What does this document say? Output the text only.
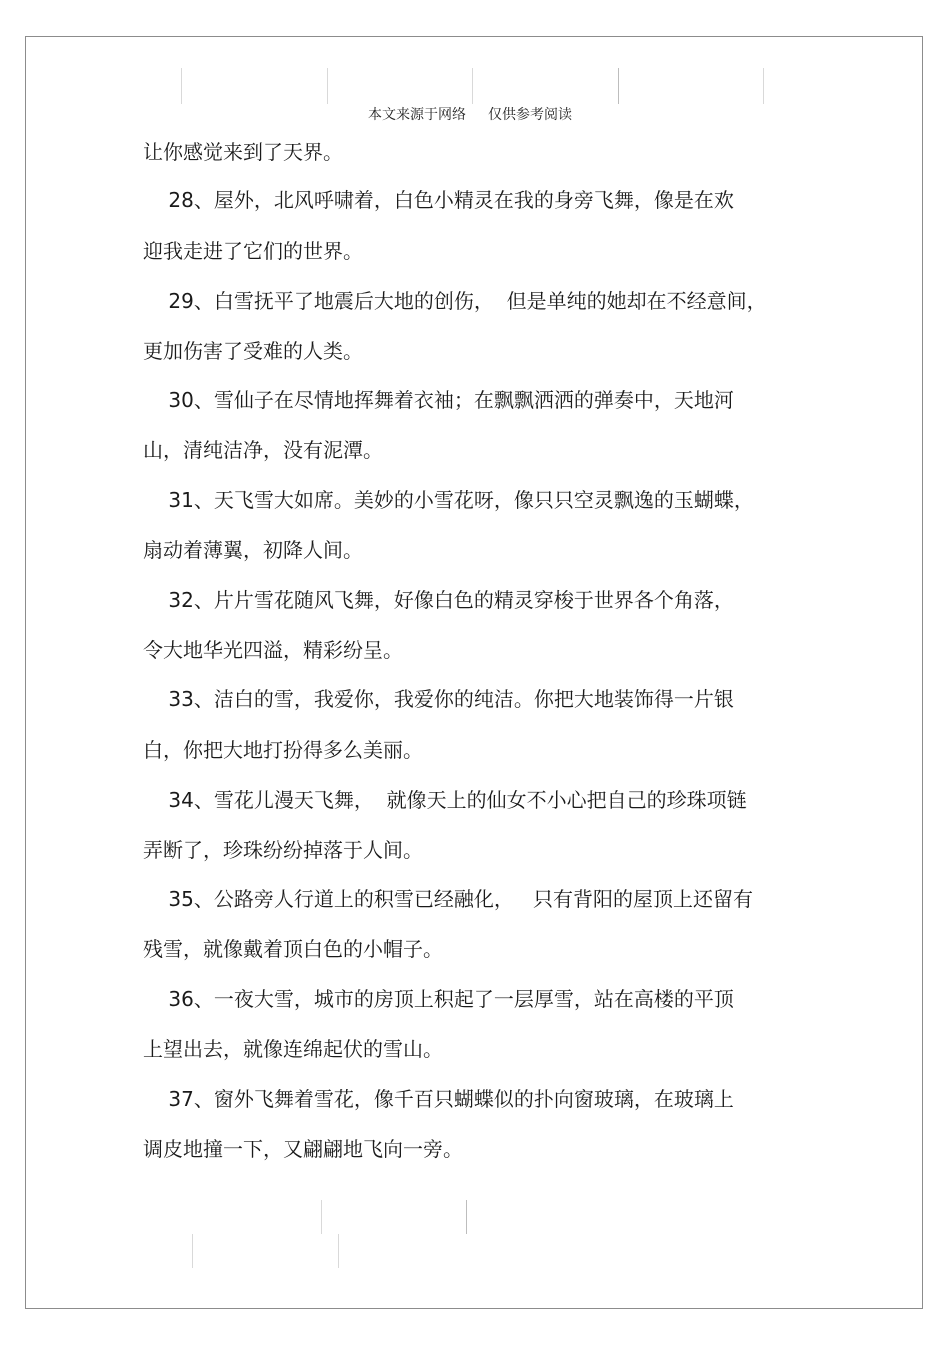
本文来源于网络 仅供参考阅读
让你感觉来到了天界。
28、屋外，北风呼啸着，白色小精灵在我的身旁飞舞，像是在欢
迎我走进了它们的世界。
29、白雪抚平了地震后大地的创伤，  但是单纯的她却在不经意间，
更加伤害了受难的人类。
30、雪仙子在尽情地挥舞着衣袖；在飘飘洒洒的弹奏中，天地河
山，清纯洁净，没有泥潭。
31、天飞雪大如席。美妙的小雪花呀，像只只空灵飘逸的玉蝴蝶，
扇动着薄翼，初降人间。
32、片片雪花随风飞舞，好像白色的精灵穿梭于世界各个角落，
令大地华光四溢，精彩纷呈。
33、洁白的雪，我爱你，我爱你的纯洁。你把大地装饰得一片银
白，你把大地打扮得多么美丽。
34、雪花儿漫天飞舞，  就像天上的仙女不小心把自己的珍珠项链
弄断了，珍珠纷纷掉落于人间。
35、公路旁人行道上的积雪已经融化，   只有背阳的屋顶上还留有
残雪，就像戴着顶白色的小帽子。
36、一夜大雪，城市的房顶上积起了一层厚雪，站在高楼的平顶
上望出去，就像连绵起伏的雪山。
37、窗外飞舞着雪花，像千百只蝴蝶似的扑向窗玻璃，在玻璃上
调皮地撞一下，又翩翩地飞向一旁。
